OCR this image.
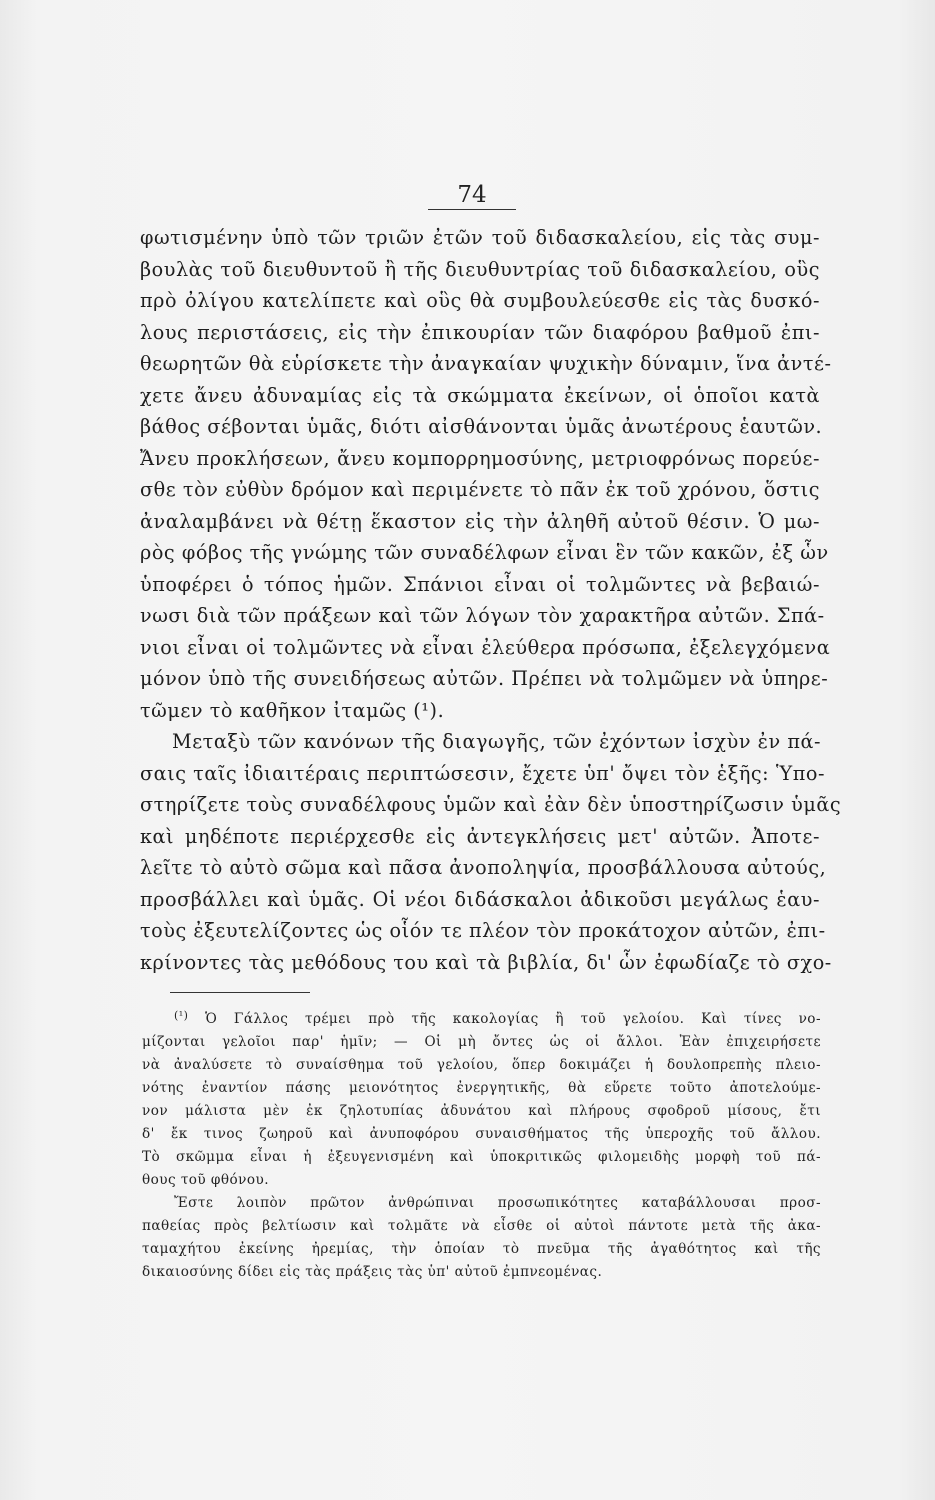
74
φωτισμένην ὑπὸ τῶν τριῶν ἐτῶν τοῦ διδασκαλείου, εἰς τὰς συμ-
βουλὰς τοῦ διευθυντοῦ ἢ τῆς διευθυντρίας τοῦ διδασκαλείου, οὓς
πρὸ ὀλίγου κατελίπετε καὶ οὓς θὰ συμβουλεύεσθε εἰς τὰς δυσκό-
λους περιστάσεις, εἰς τὴν ἐπικουρίαν τῶν διαφόρου βαθμοῦ ἐπι-
θεωρητῶν θὰ εὑρίσκετε τὴν ἀναγκαίαν ψυχικὴν δύναμιν, ἵνα ἀντέ-
χετε ἄνευ ἀδυναμίας εἰς τὰ σκώμματα ἐκείνων, οἱ ὁποῖοι κατὰ
βάθος σέβονται ὑμᾶς, διότι αἰσθάνονται ὑμᾶς ἀνωτέρους ἑαυτῶν.
Ἄνευ προκλήσεων, ἄνευ κομπορρημοσύνης, μετριοφρόνως πορεύε-
σθε τὸν εὐθὺν δρόμον καὶ περιμένετε τὸ πᾶν ἐκ τοῦ χρόνου, ὅστις
ἀναλαμβάνει νὰ θέτῃ ἕκαστον εἰς τὴν ἀληθῆ αὐτοῦ θέσιν. Ὁ μω-
ρὸς φόβος τῆς γνώμης τῶν συναδέλφων εἶναι ἓν τῶν κακῶν, ἐξ ὧν
ὑποφέρει ὁ τόπος ἡμῶν. Σπάνιοι εἶναι οἱ τολμῶντες νὰ βεβαιώ-
νωσι διὰ τῶν πράξεων καὶ τῶν λόγων τὸν χαρακτῆρα αὐτῶν. Σπά-
νιοι εἶναι οἱ τολμῶντες νὰ εἶναι ἐλεύθερα πρόσωπα, ἐξελεγχόμενα
μόνον ὑπὸ τῆς συνειδήσεως αὐτῶν. Πρέπει νὰ τολμῶμεν νὰ ὑπηρε-
τῶμεν τὸ καθῆκον ἰταμῶς (¹).
Μεταξὺ τῶν κανόνων τῆς διαγωγῆς, τῶν ἐχόντων ἰσχὺν ἐν πά-
σαις ταῖς ἰδιαιτέραις περιπτώσεσιν, ἔχετε ὑπ' ὄψει τὸν ἑξῆς: Ὑπο-
στηρίζετε τοὺς συναδέλφους ὑμῶν καὶ ἐὰν δὲν ὑποστηρίζωσιν ὑμᾶς
καὶ μηδέποτε περιέρχεσθε εἰς ἀντεγκλήσεις μετ' αὐτῶν. Ἀποτε-
λεῖτε τὸ αὐτὸ σῶμα καὶ πᾶσα ἀνοποληψία, προσβάλλουσα αὐτούς,
προσβάλλει καὶ ὑμᾶς. Οἱ νέοι διδάσκαλοι ἀδικοῦσι μεγάλως ἑαυ-
τοὺς ἐξευτελίζοντες ὡς οἷόν τε πλέον τὸν προκάτοχον αὐτῶν, ἐπι-
κρίνοντες τὰς μεθόδους του καὶ τὰ βιβλία, δι' ὧν ἐφωδίαζε τὸ σχο-
$^{(^1)}$ Ὁ Γάλλος τρέμει πρὸ τῆς κακολογίας ἢ τοῦ γελοίου. Καὶ τίνες νο-
μίζονται γελοῖοι παρ' ἡμῖν; — Οἱ μὴ ὄντες ὡς οἱ ἄλλοι. Ἐὰν ἐπιχειρήσετε
νὰ ἀναλύσετε τὸ συναίσθημα τοῦ γελοίου, ὅπερ δοκιμάζει ἡ δουλοπρεπὴς πλειο-
νότης ἐναντίον πάσης μειονότητος ἐνεργητικῆς, θὰ εὕρετε τοῦτο ἀποτελούμε-
νον μάλιστα μὲν ἐκ ζηλοτυπίας ἀδυνάτου καὶ πλήρους σφοδροῦ μίσους, ἔτι
δ' ἔκ τινος ζωηροῦ καὶ ἀνυποφόρου συναισθήματος τῆς ὑπεροχῆς τοῦ ἄλλου.
Τὸ σκῶμμα εἶναι ἡ ἐξευγενισμένη καὶ ὑποκριτικῶς φιλομειδὴς μορφὴ τοῦ πά-
θους τοῦ φθόνου.
Ἔστε λοιπὸν πρῶτον ἀνθρώπιναι προσωπικότητες καταβάλλουσαι προσ-
παθείας πρὸς βελτίωσιν καὶ τολμᾶτε νὰ εἶσθε οἱ αὐτοὶ πάντοτε μετὰ τῆς ἀκα-
ταμαχήτου ἐκείνης ἠρεμίας, τὴν ὁποίαν τὸ πνεῦμα τῆς ἀγαθότητος καὶ τῆς
δικαιοσύνης δίδει εἰς τὰς πράξεις τὰς ὑπ' αὐτοῦ ἐμπνεομένας.
